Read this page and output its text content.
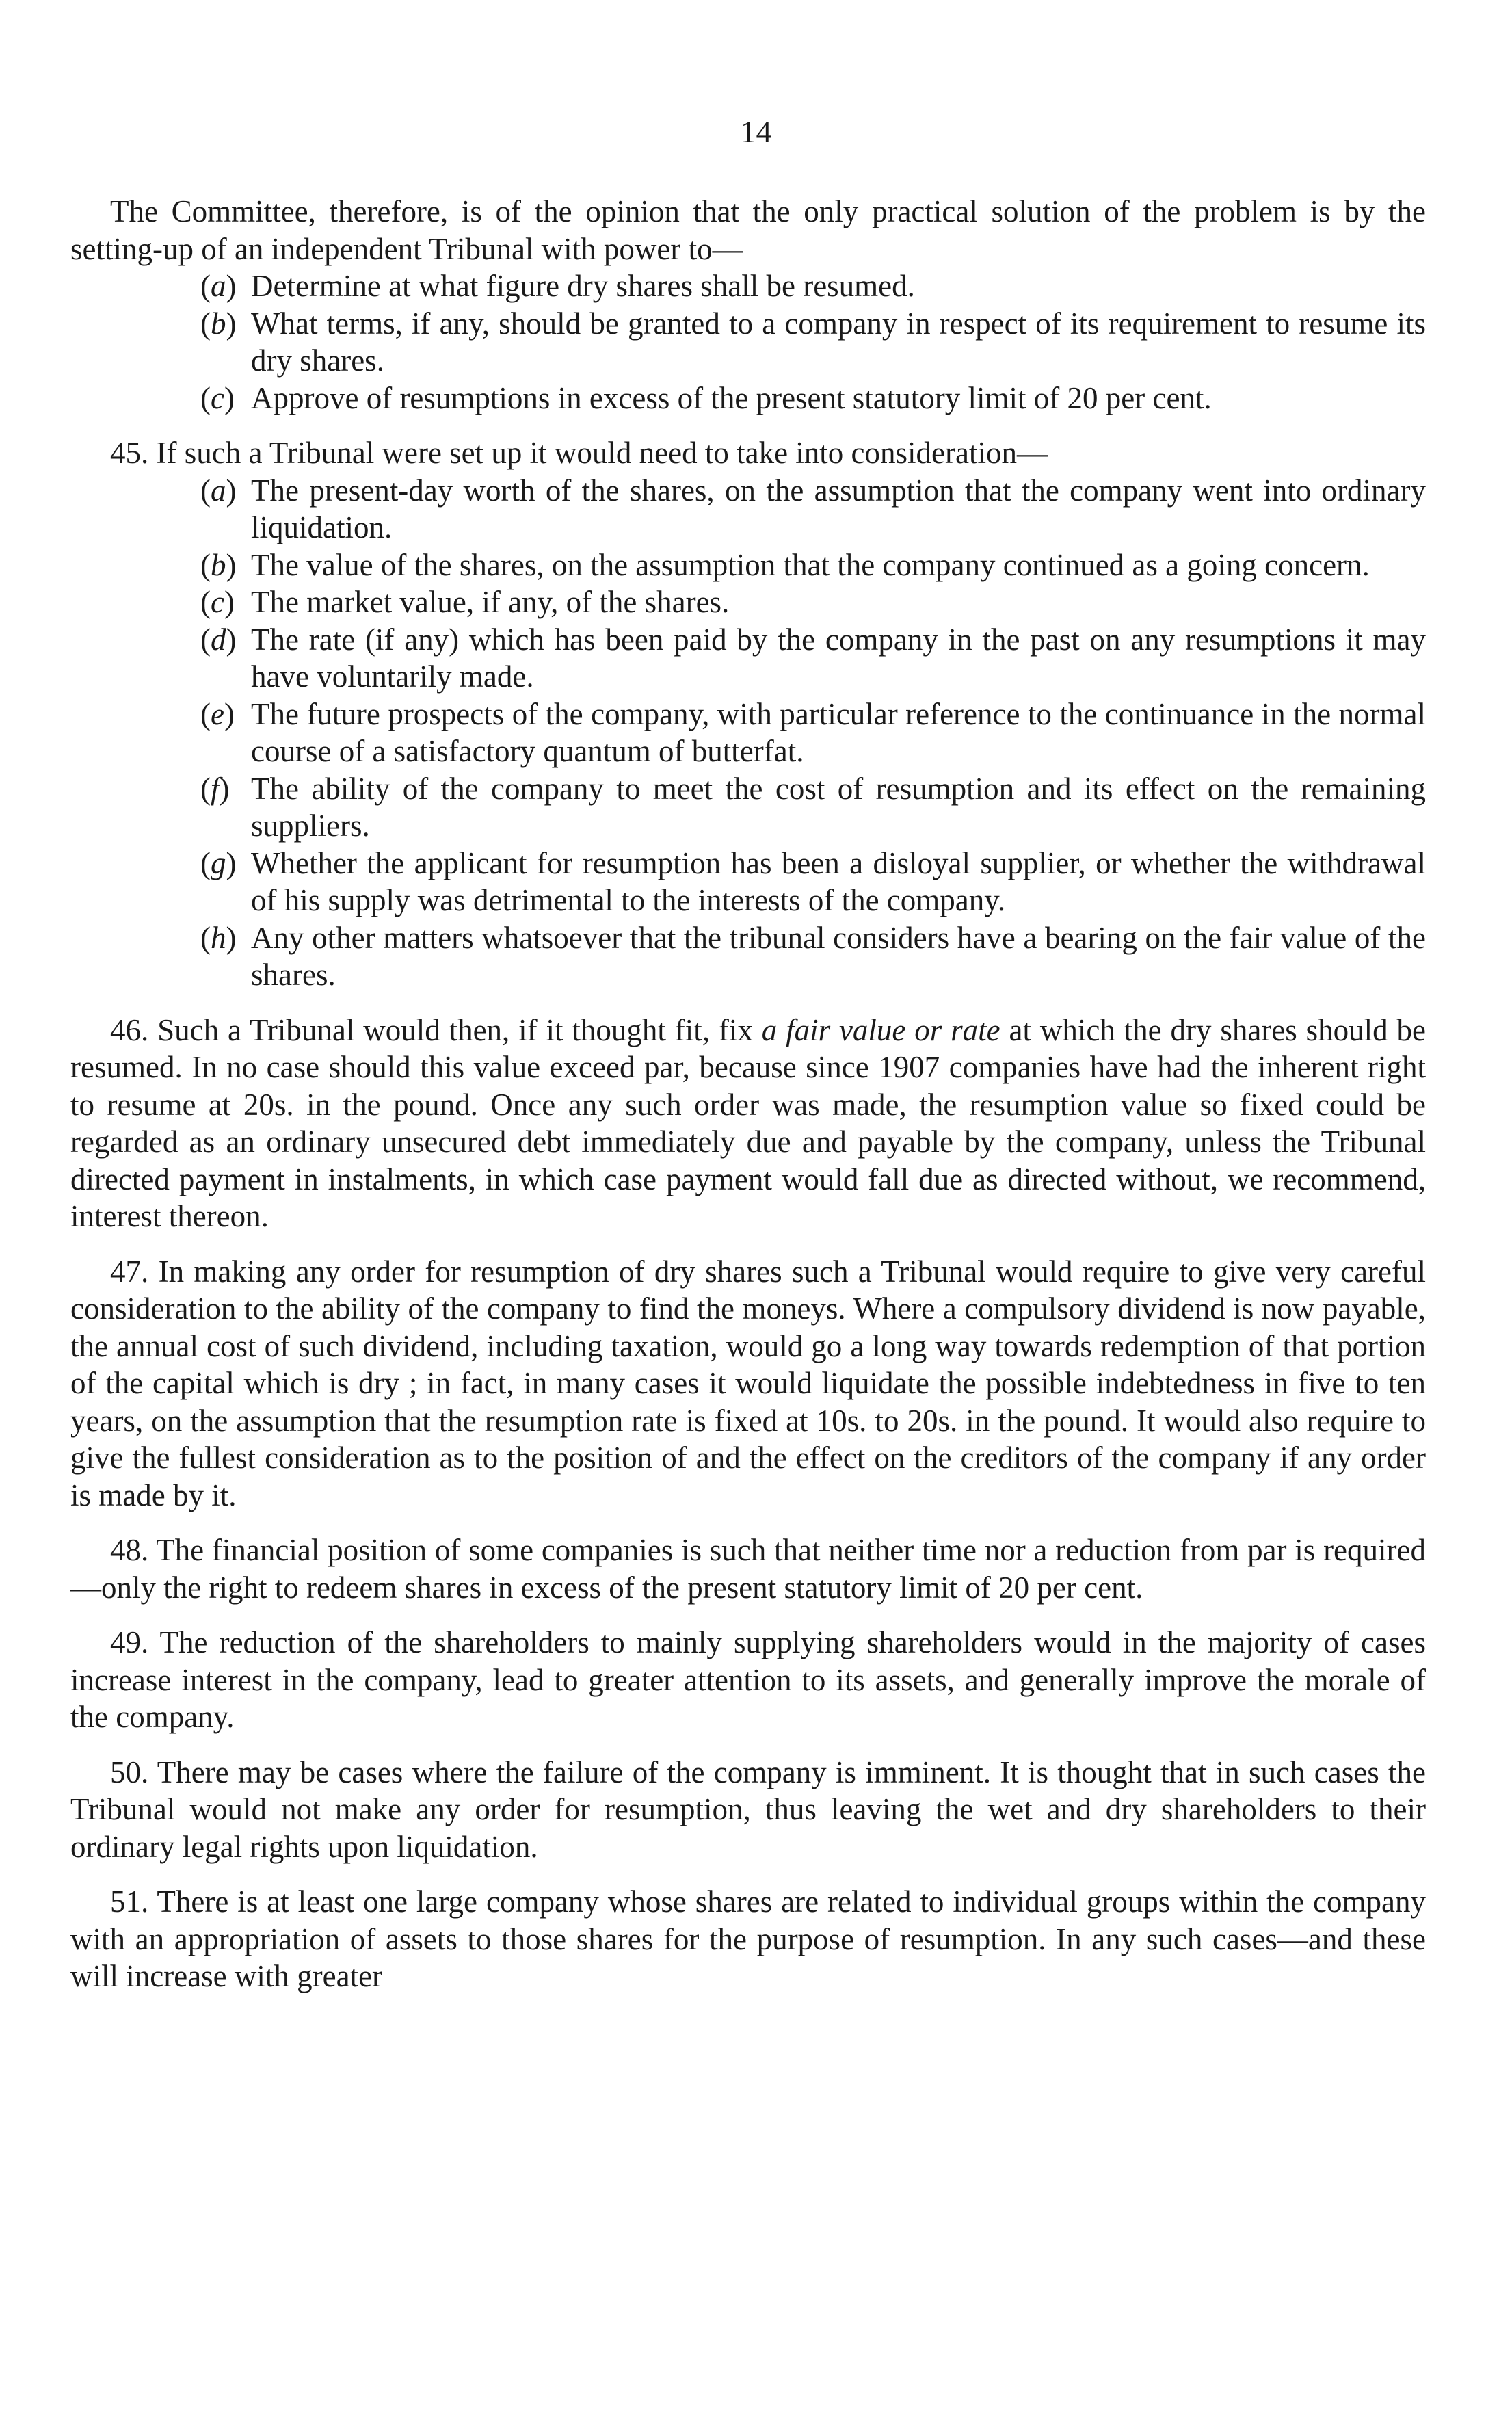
14

The Committee, therefore, is of the opinion that the only practical solution of the problem is by the setting-up of an independent Tribunal with power to—

(a) Determine at what figure dry shares shall be resumed.
(b) What terms, if any, should be granted to a company in respect of its requirement to resume its dry shares.
(c) Approve of resumptions in excess of the present statutory limit of 20 per cent.

45. If such a Tribunal were set up it would need to take into consideration—

(a) The present-day worth of the shares, on the assumption that the company went into ordinary liquidation.
(b) The value of the shares, on the assumption that the company continued as a going concern.
(c) The market value, if any, of the shares.
(d) The rate (if any) which has been paid by the company in the past on any resumptions it may have voluntarily made.
(e) The future prospects of the company, with particular reference to the continuance in the normal course of a satisfactory quantum of butterfat.
(f) The ability of the company to meet the cost of resumption and its effect on the remaining suppliers.
(g) Whether the applicant for resumption has been a disloyal supplier, or whether the withdrawal of his supply was detrimental to the interests of the company.
(h) Any other matters whatsoever that the tribunal considers have a bearing on the fair value of the shares.

46. Such a Tribunal would then, if it thought fit, fix a fair value or rate at which the dry shares should be resumed. In no case should this value exceed par, because since 1907 companies have had the inherent right to resume at 20s. in the pound. Once any such order was made, the resumption value so fixed could be regarded as an ordinary unsecured debt immediately due and payable by the company, unless the Tribunal directed payment in instalments, in which case payment would fall due as directed without, we recommend, interest thereon.

47. In making any order for resumption of dry shares such a Tribunal would require to give very careful consideration to the ability of the company to find the moneys. Where a compulsory dividend is now payable, the annual cost of such dividend, including taxation, would go a long way towards redemption of that portion of the capital which is dry ; in fact, in many cases it would liquidate the possible indebtedness in five to ten years, on the assumption that the resumption rate is fixed at 10s. to 20s. in the pound. It would also require to give the fullest consideration as to the position of and the effect on the creditors of the company if any order is made by it.

48. The financial position of some companies is such that neither time nor a reduction from par is required—only the right to redeem shares in excess of the present statutory limit of 20 per cent.

49. The reduction of the shareholders to mainly supplying shareholders would in the majority of cases increase interest in the company, lead to greater attention to its assets, and generally improve the morale of the company.

50. There may be cases where the failure of the company is imminent. It is thought that in such cases the Tribunal would not make any order for resumption, thus leaving the wet and dry shareholders to their ordinary legal rights upon liquidation.

51. There is at least one large company whose shares are related to individual groups within the company with an appropriation of assets to those shares for the purpose of resumption. In any such cases—and these will increase with greater
